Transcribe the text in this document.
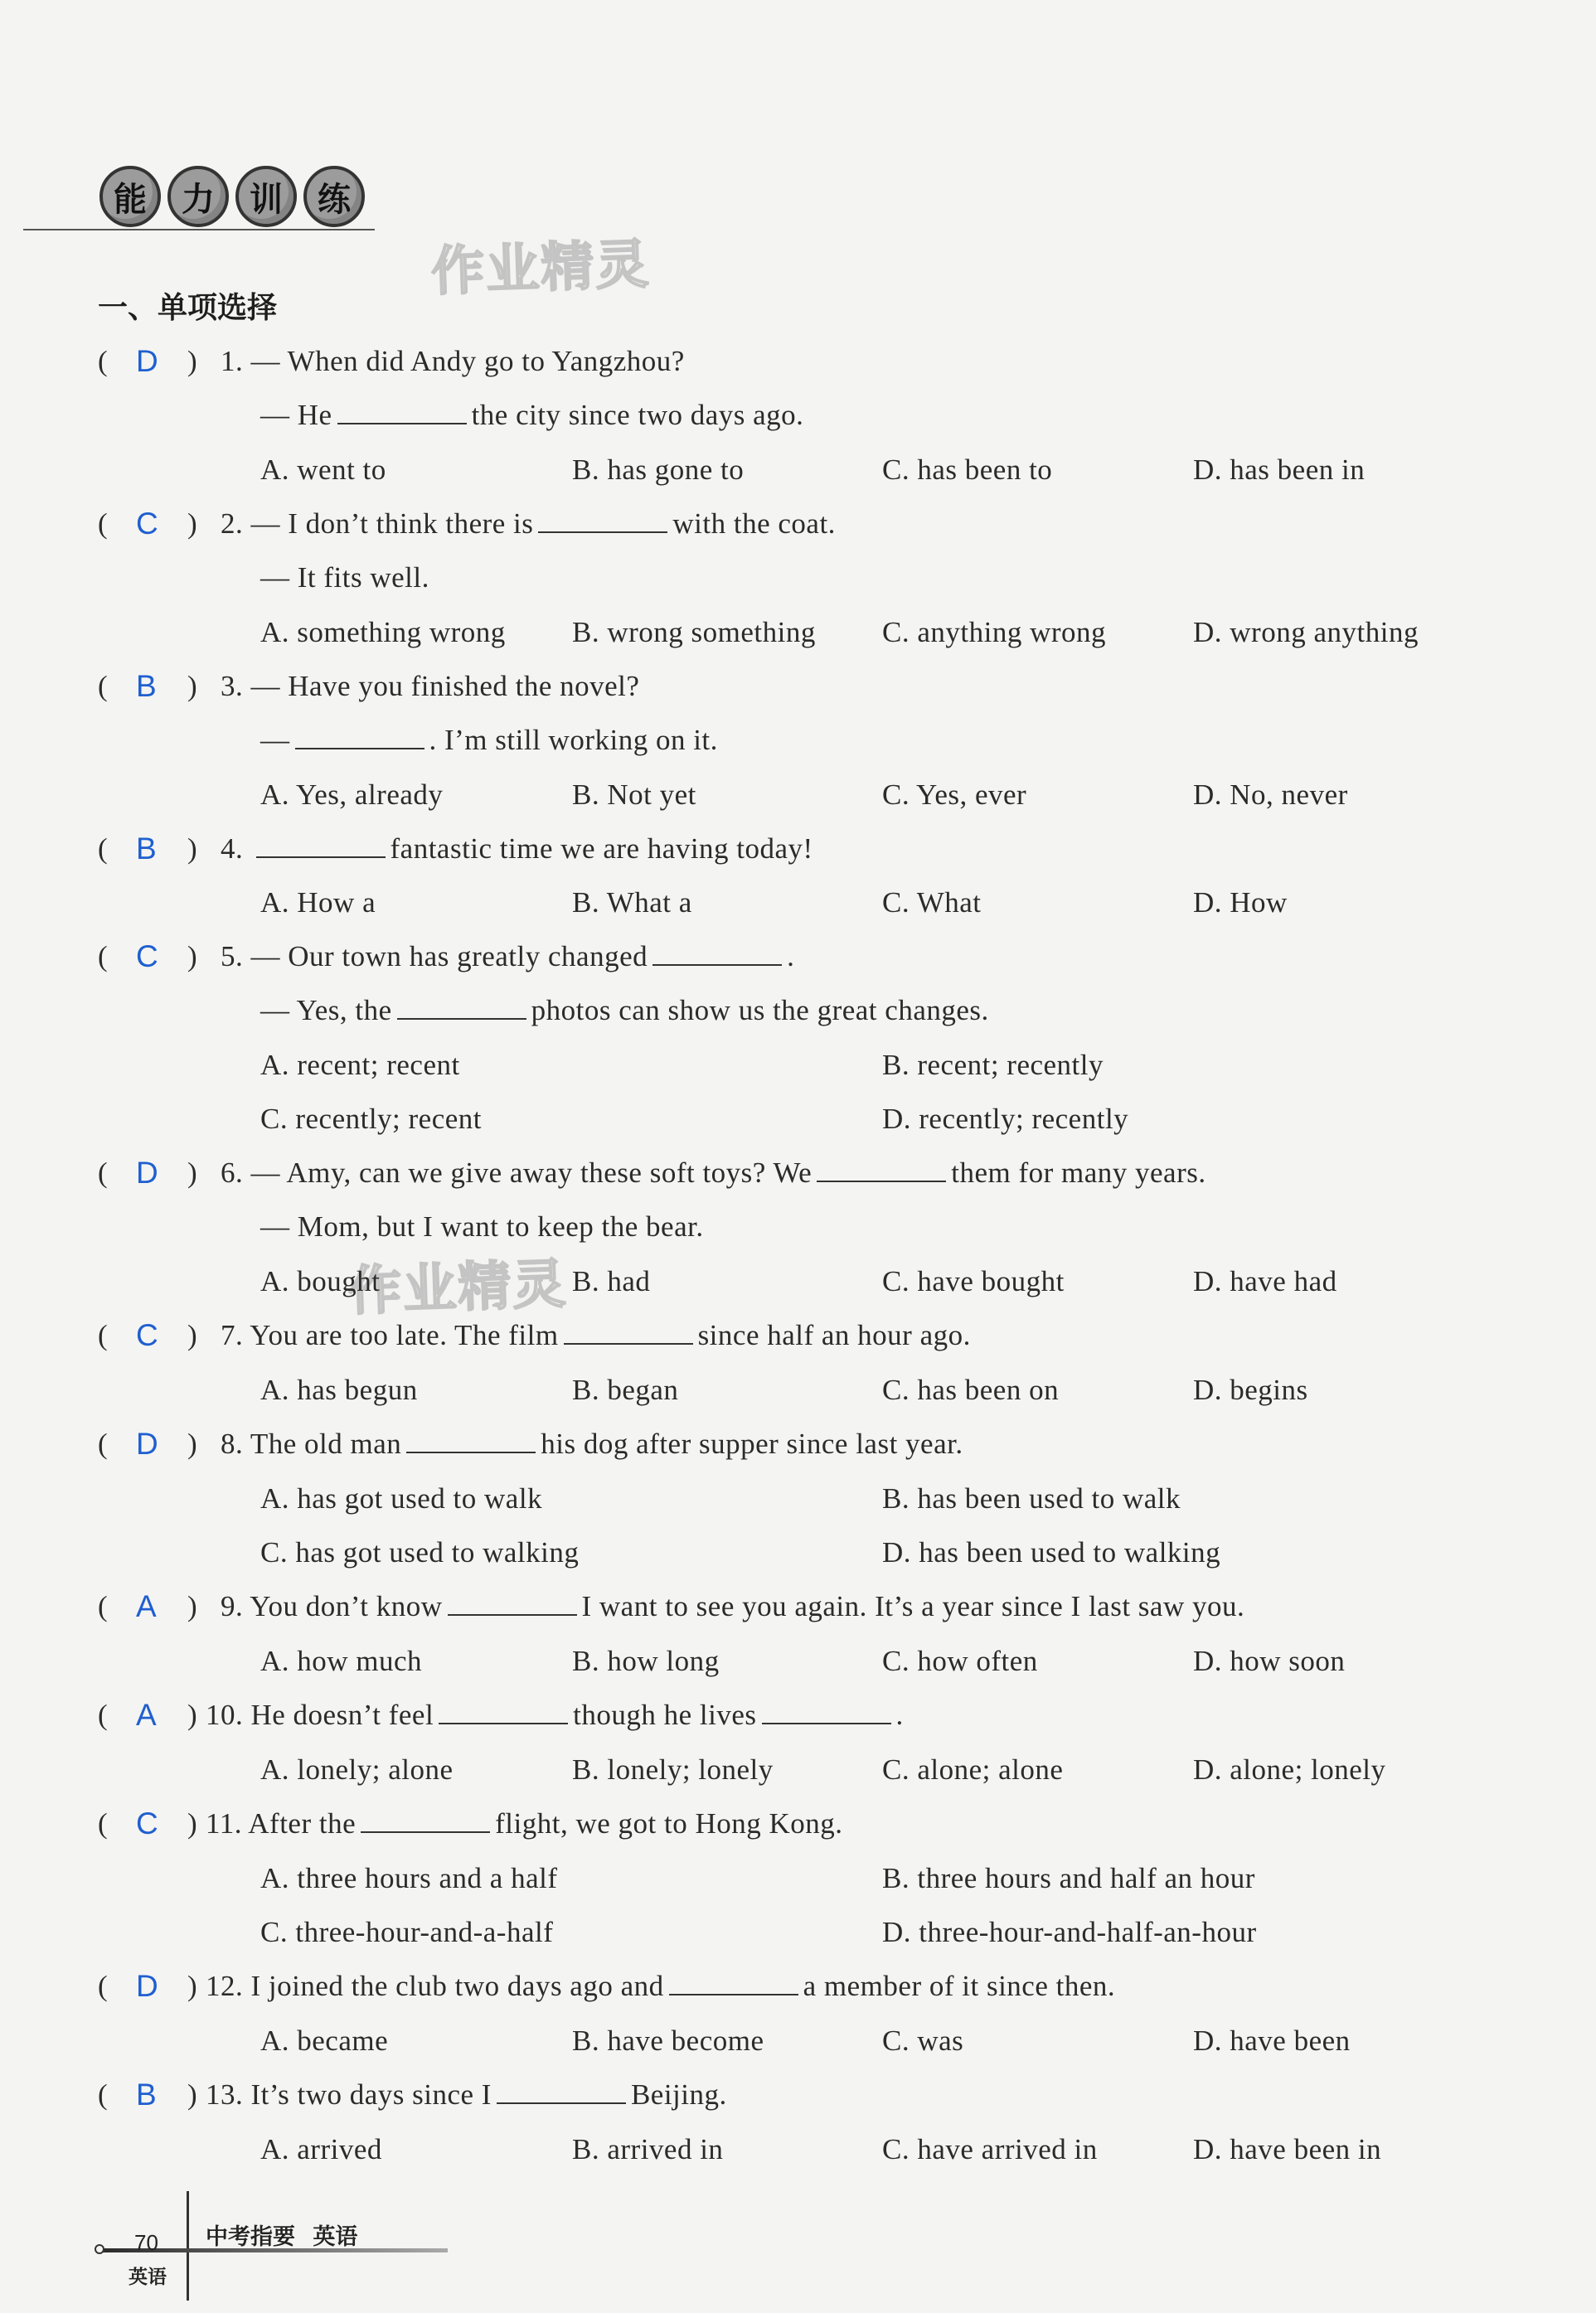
能	力	训	练
作业精灵
作业精灵
一、单项选择
( D ) 1. — When did Andy go to Yangzhou?
— He	the city since two days ago.
A. went to	B. has gone to	C. has been to	D. has been in
( C ) 2. — I don’t think there is	with the coat.
— It fits well.
A. something wrong B. wrong something C. anything wrong	D. wrong anything
( B ) 3. — Have you finished the novel?
—	. I’m still working on it.
A. Yes, already	B. Not yet	C. Yes, ever	D. No, never
( B ) 4.	fantastic time we are having today!
A. How a	B. What a	C. What	D. How
( C ) 5. — Our town has greatly changed	.
— Yes, the	photos can show us the great changes.
A. recent; recent	B. recent; recently
C. recently; recent	D. recently; recently
( D ) 6. — Amy, can we give away these soft toys? We	them for many years.
— Mom, but I want to keep the bear.
A. bought	B. had	C. have bought	D. have had
( C ) 7. You are too late. The film	since half an hour ago.
A. has begun	B. began	C. has been on	D. begins
( D ) 8. The old man	his dog after supper since last year.
A. has got used to walk	B. has been used to walk
C. has got used to walking	D. has been used to walking
( A ) 9. You don’t know	I want to see you again. It’s a year since I last saw you.
A. how much	B. how long	C. how often	D. how soon
( A ) 10. He doesn’t feel	though he lives	.
A. lonely; alone	B. lonely; lonely	C. alone; alone	D. alone; lonely
( C ) 11. After the	flight, we got to Hong Kong.
A. three hours and a half	B. three hours and half an hour
C. three-hour-and-a-half	D. three-hour-and-half-an-hour
( D ) 12. I joined the club two days ago and	a member of it since then.
A. became	B. have become	C. was	D. have been
( B ) 13. It’s two days since I	Beijing.
A. arrived	B. arrived in	C. have arrived in	D. have been in
70 中考指要 英语
英语
